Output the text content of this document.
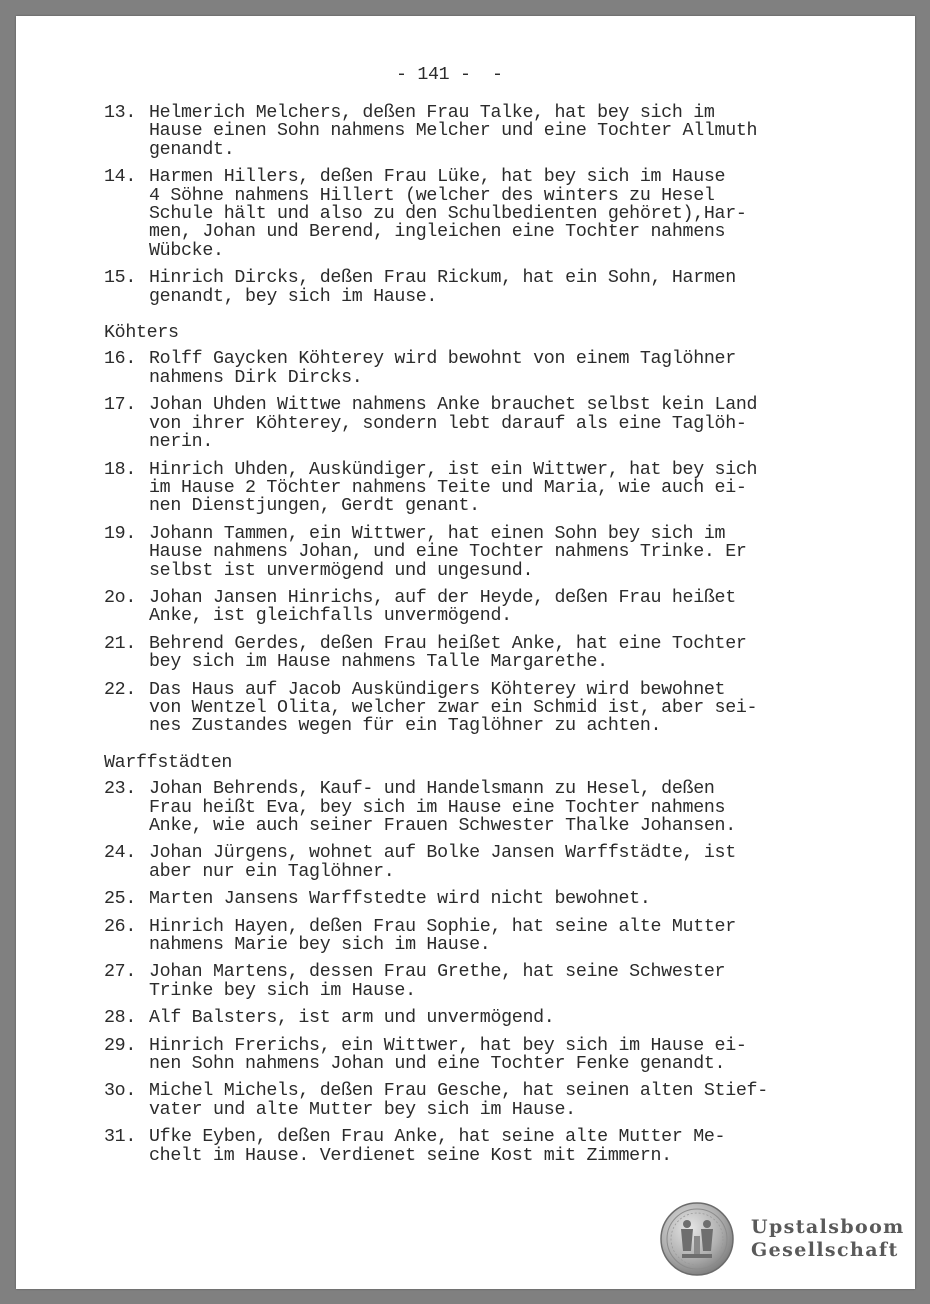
- 141 -  -
13. Helmerich Melchers, deßen Frau Talke, hat bey sich im
Hause einen Sohn nahmens Melcher und eine Tochter Allmuth
genandt.
14. Harmen Hillers, deßen Frau Lüke, hat bey sich im Hause
4 Söhne nahmens Hillert (welcher des winters zu Hesel
Schule hält und also zu den Schulbedienten gehöret),Har-
men, Johan und Berend, ingleichen eine Tochter nahmens
Wübcke.
15. Hinrich Dircks, deßen Frau Rickum, hat ein Sohn, Harmen
genandt, bey sich im Hause.
Köhters
16. Rolff Gaycken Köhterey wird bewohnt von einem Taglöhner
nahmens Dirk Dircks.
17. Johan Uhden Wittwe nahmens Anke brauchet selbst kein Land
von ihrer Köhterey, sondern lebt darauf als eine Taglöh-
nerin.
18. Hinrich Uhden, Auskündiger, ist ein Wittwer, hat bey sich
im Hause 2 Töchter nahmens Teite und Maria, wie auch ei-
nen Dienstjungen, Gerdt genant.
19. Johann Tammen, ein Wittwer, hat einen Sohn bey sich im
Hause nahmens Johan, und eine Tochter nahmens Trinke. Er
selbst ist unvermögend und ungesund.
2o. Johan Jansen Hinrichs, auf der Heyde, deßen Frau heißet
Anke, ist gleichfalls unvermögend.
21. Behrend Gerdes, deßen Frau heißet Anke, hat eine Tochter
bey sich im Hause nahmens Talle Margarethe.
22. Das Haus auf Jacob Auskündigers Köhterey wird bewohnet
von Wentzel Olita, welcher zwar ein Schmid ist, aber sei-
nes Zustandes wegen für ein Taglöhner zu achten.
Warffstädten
23. Johan Behrends, Kauf- und Handelsmann zu Hesel, deßen
Frau heißt Eva, bey sich im Hause eine Tochter nahmens
Anke, wie auch seiner Frauen Schwester Thalke Johansen.
24. Johan Jürgens, wohnet auf Bolke Jansen Warffstädte, ist
aber nur ein Taglöhner.
25. Marten Jansens Warffstedte wird nicht bewohnet.
26. Hinrich Hayen, deßen Frau Sophie, hat seine alte Mutter
nahmens Marie bey sich im Hause.
27. Johan Martens, dessen Frau Grethe, hat seine Schwester
Trinke bey sich im Hause.
28. Alf Balsters, ist arm und unvermögend.
29. Hinrich Frerichs, ein Wittwer, hat bey sich im Hause ei-
nen Sohn nahmens Johan und eine Tochter Fenke genandt.
3o. Michel Michels, deßen Frau Gesche, hat seinen alten Stief-
vater und alte Mutter bey sich im Hause.
31. Ufke Eyben, deßen Frau Anke, hat seine alte Mutter Me-
chelt im Hause. Verdienet seine Kost mit Zimmern.
Upstalsboom
Gesellschaft
